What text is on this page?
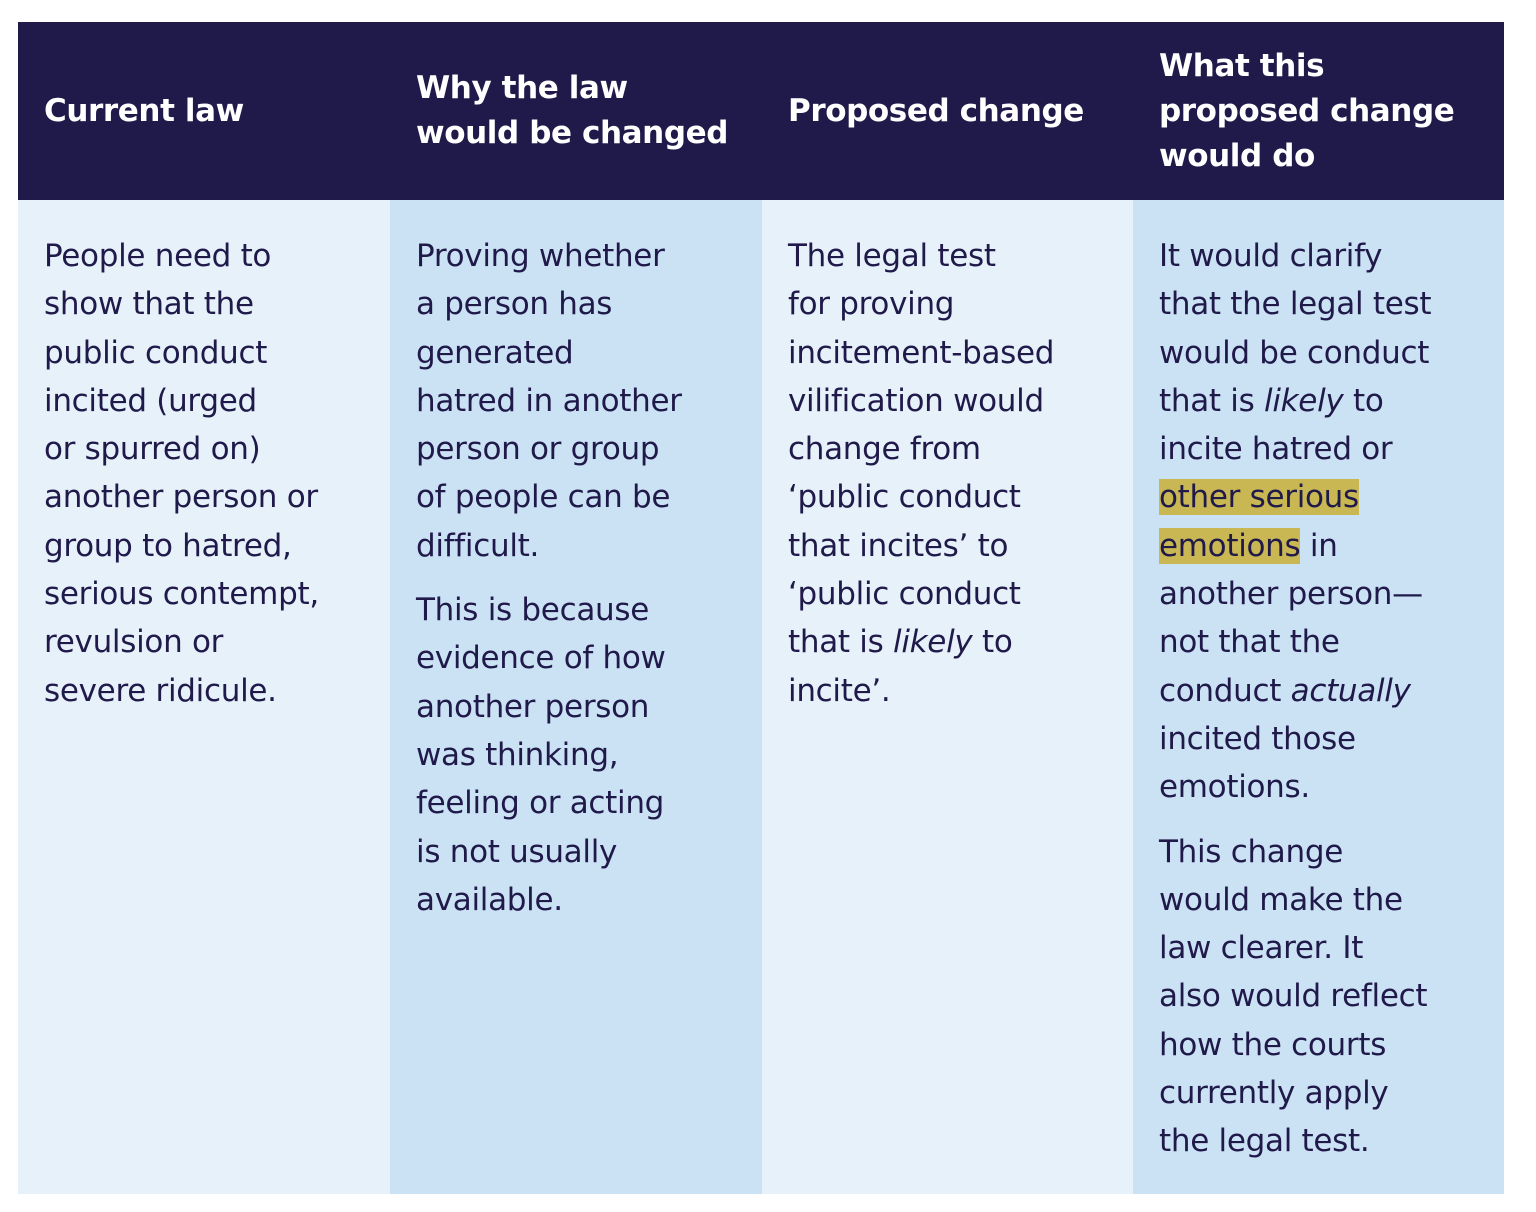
Current law
Why the law
would be changed
Proposed change
What this
proposed change
would do

People need to
show that the
public conduct
incited (urged
or spurred on)
another person or
group to hatred,
serious contempt,
revulsion or
severe ridicule.

Proving whether
a person has
generated
hatred in another
person or group
of people can be
difficult.

This is because
evidence of how
another person
was thinking,
feeling or acting
is not usually
available.

The legal test
for proving
incitement-based
vilification would
change from
‘public conduct
that incites’ to
‘public conduct
that is likely to
incite’.

It would clarify
that the legal test
would be conduct
that is likely to
incite hatred or
other serious
emotions in
another person—
not that the
conduct actually
incited those
emotions.

This change
would make the
law clearer. It
also would reflect
how the courts
currently apply
the legal test.
